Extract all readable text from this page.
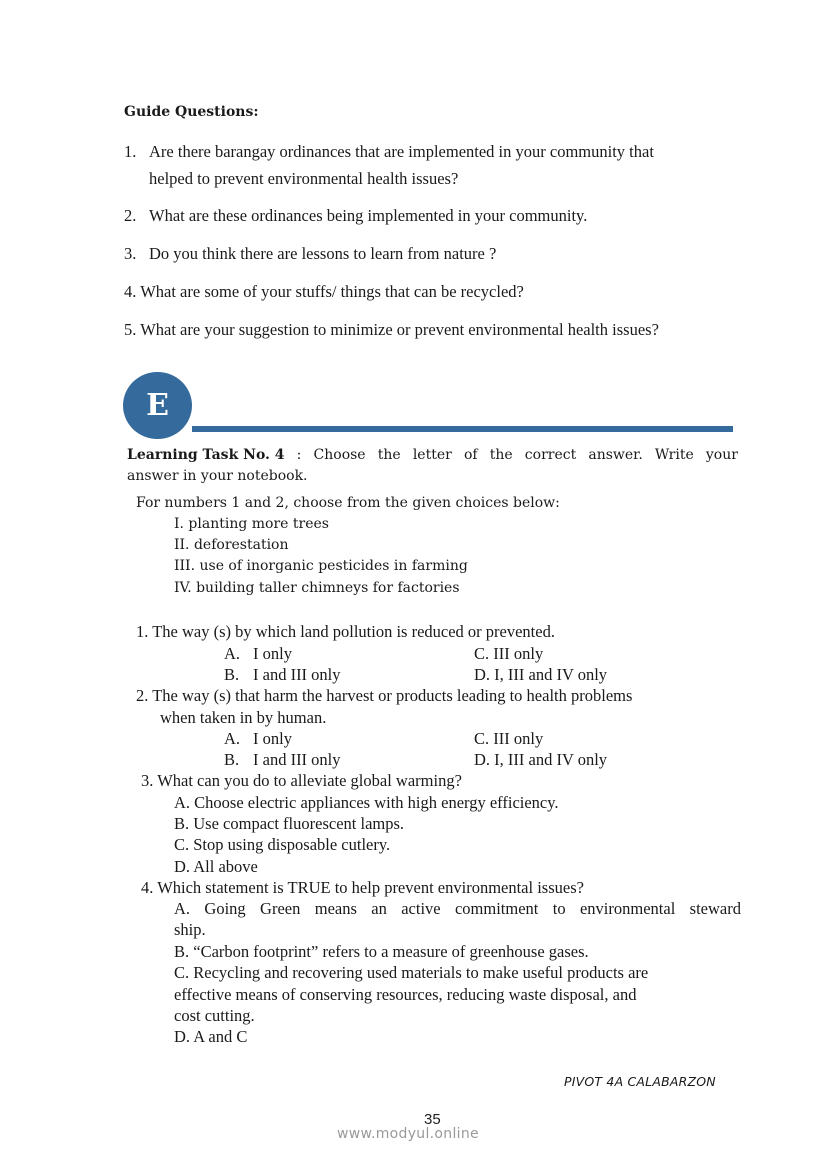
Guide Questions:
1. Are there barangay ordinances that are implemented in your community that
helped to prevent environmental health issues?
2. What are these ordinances being implemented in your community.
3. Do you think there are lessons to learn from nature ?
4. What are some of your stuffs/ things that can be recycled?
5. What are your suggestion to minimize or prevent environmental health issues?
E
Learning Task No. 4 : Choose the letter of the correct answer. Write your
answer in your notebook.
For numbers 1 and 2, choose from the given choices below:
I. planting more trees
II. deforestation
III. use of inorganic pesticides in farming
IV. building taller chimneys for factories
1. The way (s) by which land pollution is reduced or prevented.
A. I only
B. I and III only
C. III only
D. I, III and IV only
2. The way (s) that harm the harvest or products leading to health problems
when taken in by human.
A. I only
B. I and III only
C. III only
D. I, III and IV only
3. What can you do to alleviate global warming?
A. Choose electric appliances with high energy efficiency.
B. Use compact fluorescent lamps.
C. Stop using disposable cutlery.
D. All above
4. Which statement is TRUE to help prevent environmental issues?
A. Going Green means an active commitment to environmental steward
ship.
B. “Carbon footprint” refers to a measure of greenhouse gases.
C. Recycling and recovering used materials to make useful products are
effective means of conserving resources, reducing waste disposal, and
cost cutting.
D. A and C
PIVOT 4A CALABARZON
35
www.modyul.online
